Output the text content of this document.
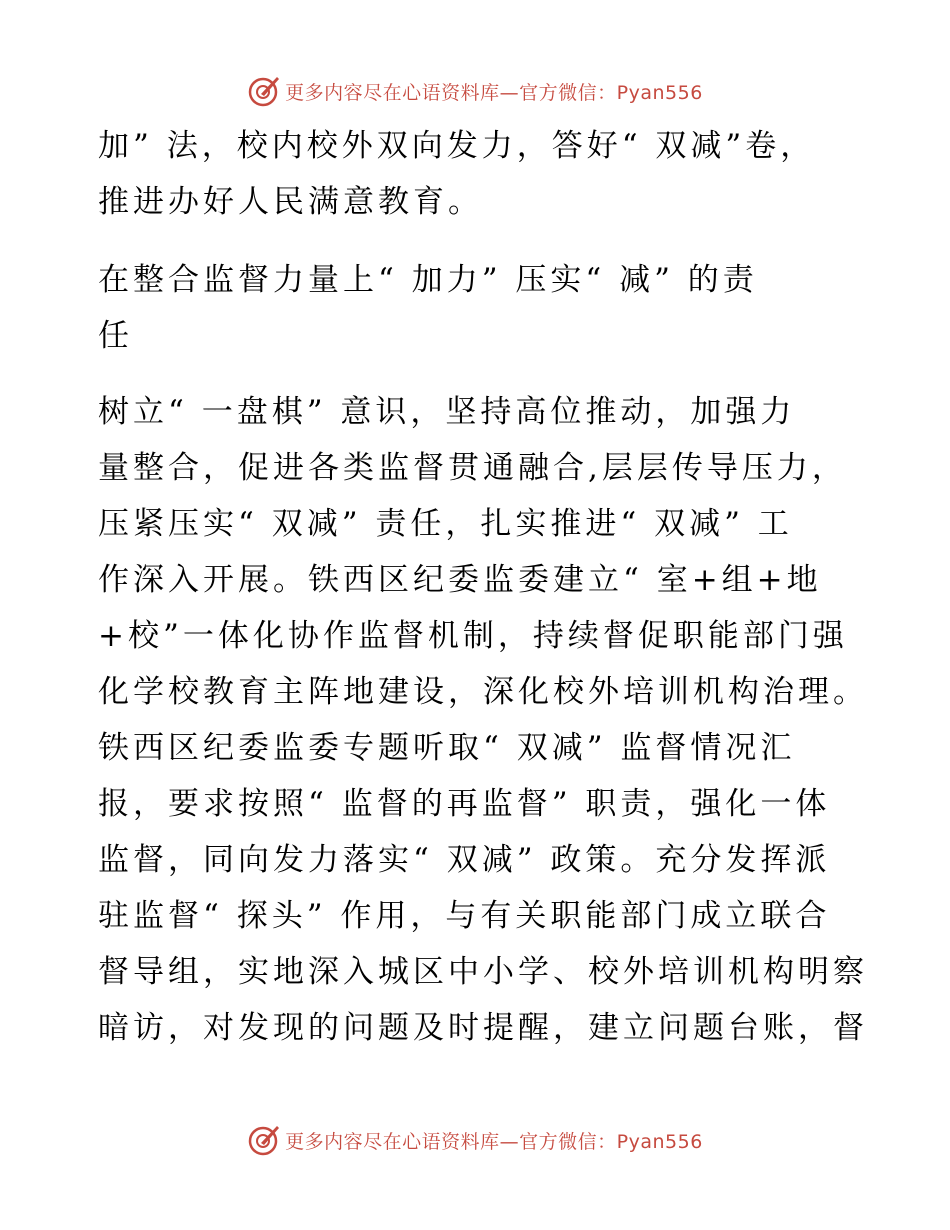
更多内容尽在心语资料库—官方微信：Pyan556
加” 法，校内校外双向发力，答好“ 双减”卷，
推进办好人民满意教育。
在整合监督力量上“ 加力” 压实“ 减” 的责
任
树立“ 一盘棋” 意识，坚持高位推动，加强力
量整合，促进各类监督贯通融合,层层传导压力，
压紧压实“ 双减” 责任，扎实推进“ 双减” 工
作深入开展。铁西区纪委监委建立“ 室+组+地
+校”一体化协作监督机制，持续督促职能部门强
化学校教育主阵地建设，深化校外培训机构治理。
铁西区纪委监委专题听取“ 双减” 监督情况汇
报，要求按照“ 监督的再监督” 职责，强化一体
监督，同向发力落实“ 双减” 政策。充分发挥派
驻监督“ 探头” 作用，与有关职能部门成立联合
督导组，实地深入城区中小学、校外培训机构明察
暗访，对发现的问题及时提醒，建立问题台账，督
更多内容尽在心语资料库—官方微信：Pyan556
